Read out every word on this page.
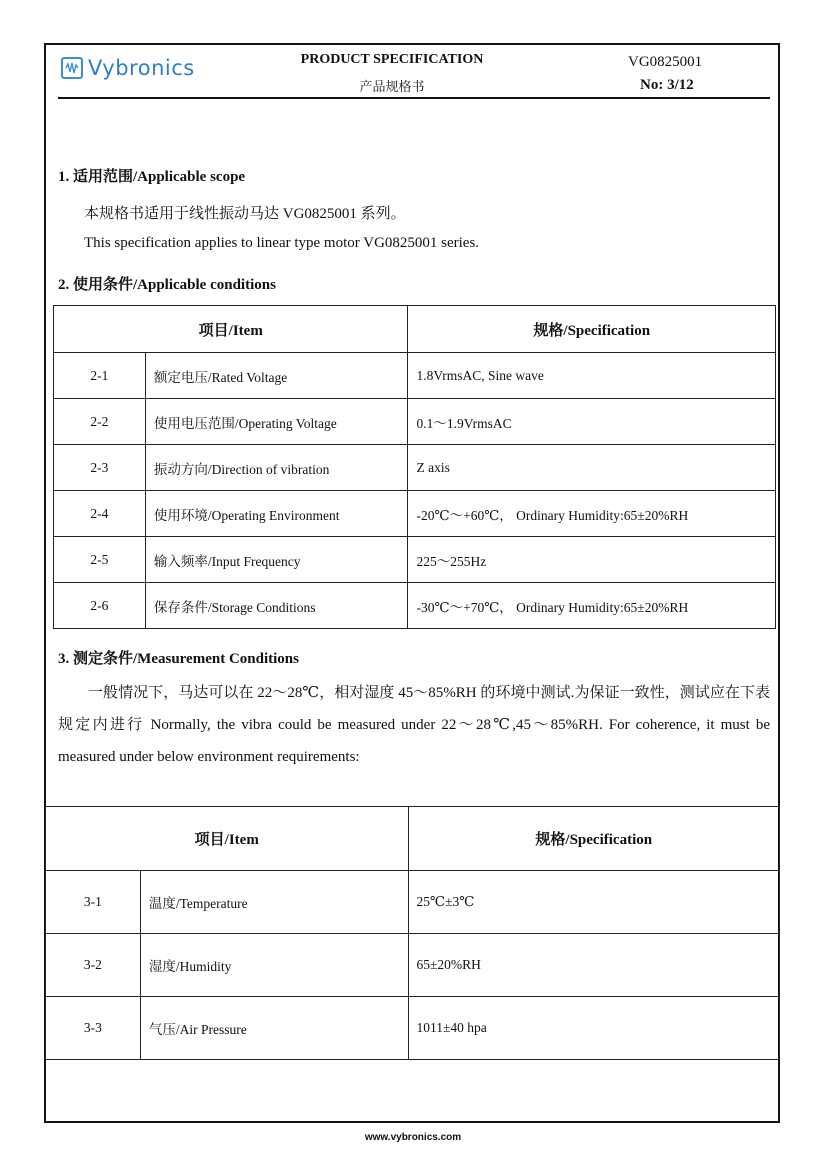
Vybronics	PRODUCT SPECIFICATION
产品规格书
VG0825001
No: 3/12
1. 适用范围/Applicable scope
本规格书适用于线性振动马达 VG0825001 系列。
This specification applies to linear type motor VG0825001 series.
2. 使用条件/Applicable conditions
项目/Item		规格/Specification
2-1	额定电压/Rated Voltage	1.8VrmsAC, Sine wave
2-2	使用电压范围/Operating Voltage	0.1～1.9VrmsAC
2-3	振动方向/Direction of vibration	Z axis
2-4	使用环境/Operating Environment	-20℃～+60℃， Ordinary Humidity:65±20%RH
2-5	输入频率/Input Frequency	225～255Hz
2-6	保存条件/Storage Conditions	-30℃～+70℃， Ordinary Humidity:65±20%RH
3. 测定条件/Measurement Conditions
一般情况下，马达可以在 22～28℃，相对湿度 45～85%RH 的环境中测试.为保证一致性，测试应在下表规定内进行 Normally, the vibra could be measured under 22～28℃,45～85%RH. For coherence, it must be measured under below environment requirements:
项目/Item		规格/Specification
3-1	温度/Temperature	25℃±3℃
3-2	湿度/Humidity	65±20%RH
3-3	气压/Air Pressure	1011±40 hpa
www.vybronics.com
